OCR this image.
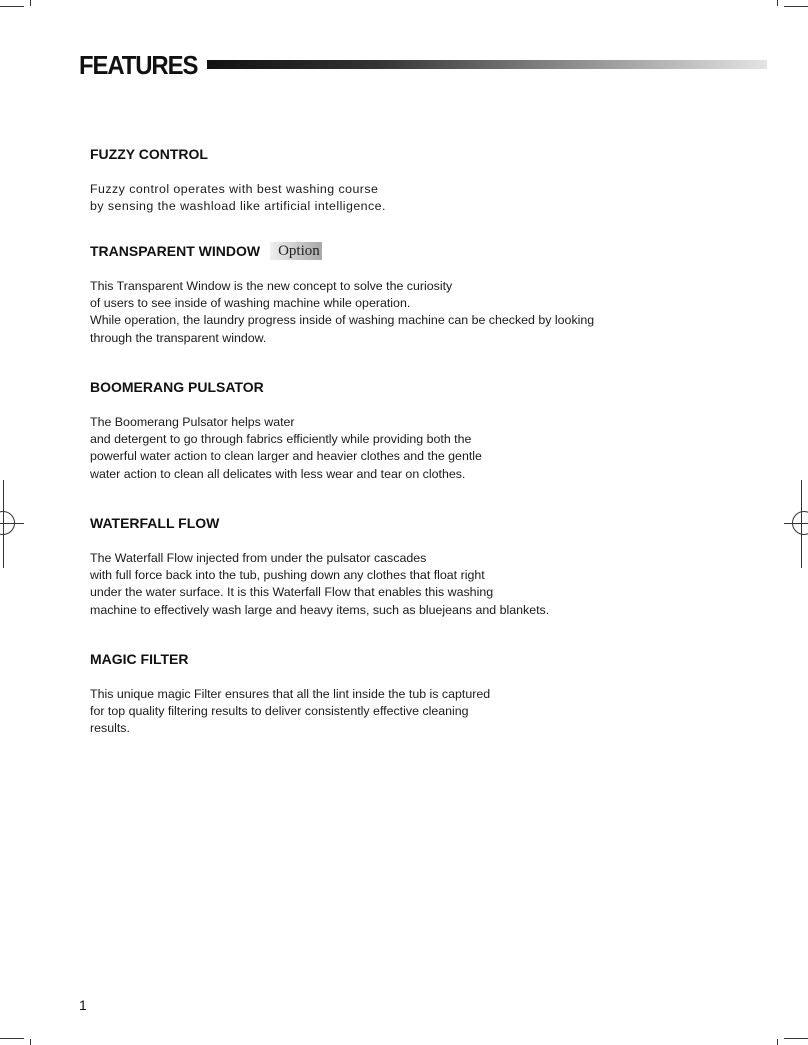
FEATURES
FUZZY CONTROL
Fuzzy control operates with best washing course
by sensing the washload like artificial intelligence.
TRANSPARENT WINDOW	Option
This Transparent Window is the new concept to solve the curiosity
of users to see inside of washing machine while operation.
While operation, the laundry progress inside of washing machine can be checked by looking
through the transparent window.
BOOMERANG PULSATOR
The Boomerang Pulsator helps water
and detergent to go through fabrics efficiently while providing both the
powerful water action to clean larger and heavier clothes and the gentle
water action to clean all delicates with less wear and tear on clothes.
WATERFALL FLOW
The Waterfall Flow injected from under the pulsator cascades
with full force back into the tub, pushing down any clothes that float right
under the water surface. It is this Waterfall Flow that enables this washing
machine to effectively wash large and heavy items, such as bluejeans and blankets.
MAGIC FILTER
This unique magic Filter ensures that all the lint inside the tub is captured
for top quality filtering results to deliver consistently effective cleaning
results.
1
